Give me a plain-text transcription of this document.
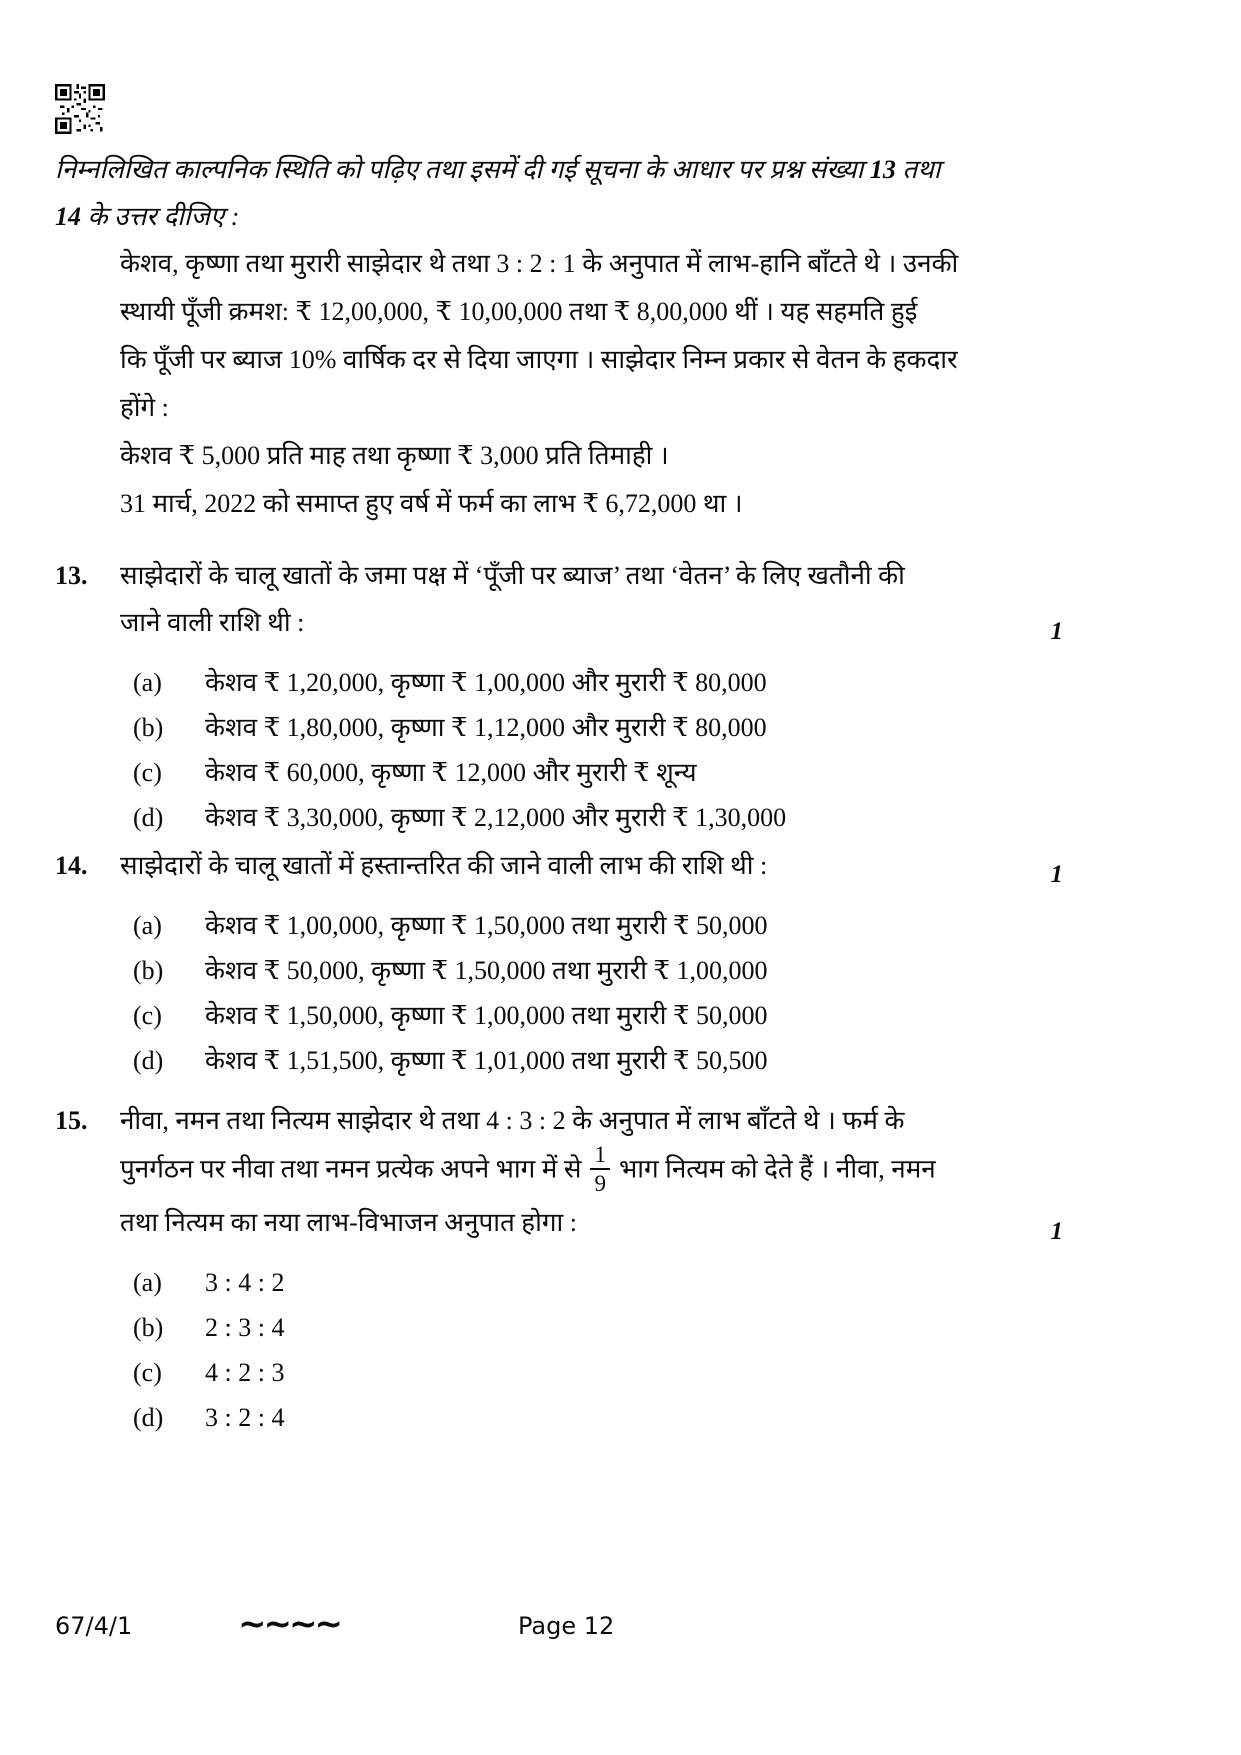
निम्नलिखित काल्पनिक स्थिति को पढ़िए तथा इसमें दी गई सूचना के आधार पर प्रश्न संख्या 13 तथा
14 के उत्तर दीजिए :
केशव, कृष्णा तथा मुरारी साझेदार थे तथा 3 : 2 : 1 के अनुपात में लाभ-हानि बाँटते थे । उनकी
स्थायी पूँजी क्रमश: ₹ 12,00,000, ₹ 10,00,000 तथा ₹ 8,00,000 थीं । यह सहमति हुई
कि पूँजी पर ब्याज 10% वार्षिक दर से दिया जाएगा । साझेदार निम्न प्रकार से वेतन के हकदार
होंगे :
केशव ₹ 5,000 प्रति माह तथा कृष्णा ₹ 3,000 प्रति तिमाही ।
31 मार्च, 2022 को समाप्त हुए वर्ष में फर्म का लाभ ₹ 6,72,000 था ।
13.	साझेदारों के चालू खातों के जमा पक्ष में ‘पूँजी पर ब्याज’ तथा ‘वेतन’ के लिए खतौनी की
जाने वाली राशि थी :	1
(a)	केशव ₹ 1,20,000, कृष्णा ₹ 1,00,000 और मुरारी ₹ 80,000
(b)	केशव ₹ 1,80,000, कृष्णा ₹ 1,12,000 और मुरारी ₹ 80,000
(c)	केशव ₹ 60,000, कृष्णा ₹ 12,000 और मुरारी ₹ शून्य
(d)	केशव ₹ 3,30,000, कृष्णा ₹ 2,12,000 और मुरारी ₹ 1,30,000
14.	साझेदारों के चालू खातों में हस्तान्तरित की जाने वाली लाभ की राशि थी :	1
(a)	केशव ₹ 1,00,000, कृष्णा ₹ 1,50,000 तथा मुरारी ₹ 50,000
(b)	केशव ₹ 50,000, कृष्णा ₹ 1,50,000 तथा मुरारी ₹ 1,00,000
(c)	केशव ₹ 1,50,000, कृष्णा ₹ 1,00,000 तथा मुरारी ₹ 50,000
(d)	केशव ₹ 1,51,500, कृष्णा ₹ 1,01,000 तथा मुरारी ₹ 50,500
15.	नीवा, नमन तथा नित्यम साझेदार थे तथा 4 : 3 : 2 के अनुपात में लाभ बाँटते थे । फर्म के
पुनर्गठन पर नीवा तथा नमन प्रत्येक अपने भाग में से $\frac{1}{9}$ भाग नित्यम को देते हैं । नीवा, नमन
तथा नित्यम का नया लाभ-विभाजन अनुपात होगा :	1
(a)	3 : 4 : 2
(b)	2 : 3 : 4
(c)	4 : 2 : 3
(d)	3 : 2 : 4
67/4/1	~~~~	Page 12
